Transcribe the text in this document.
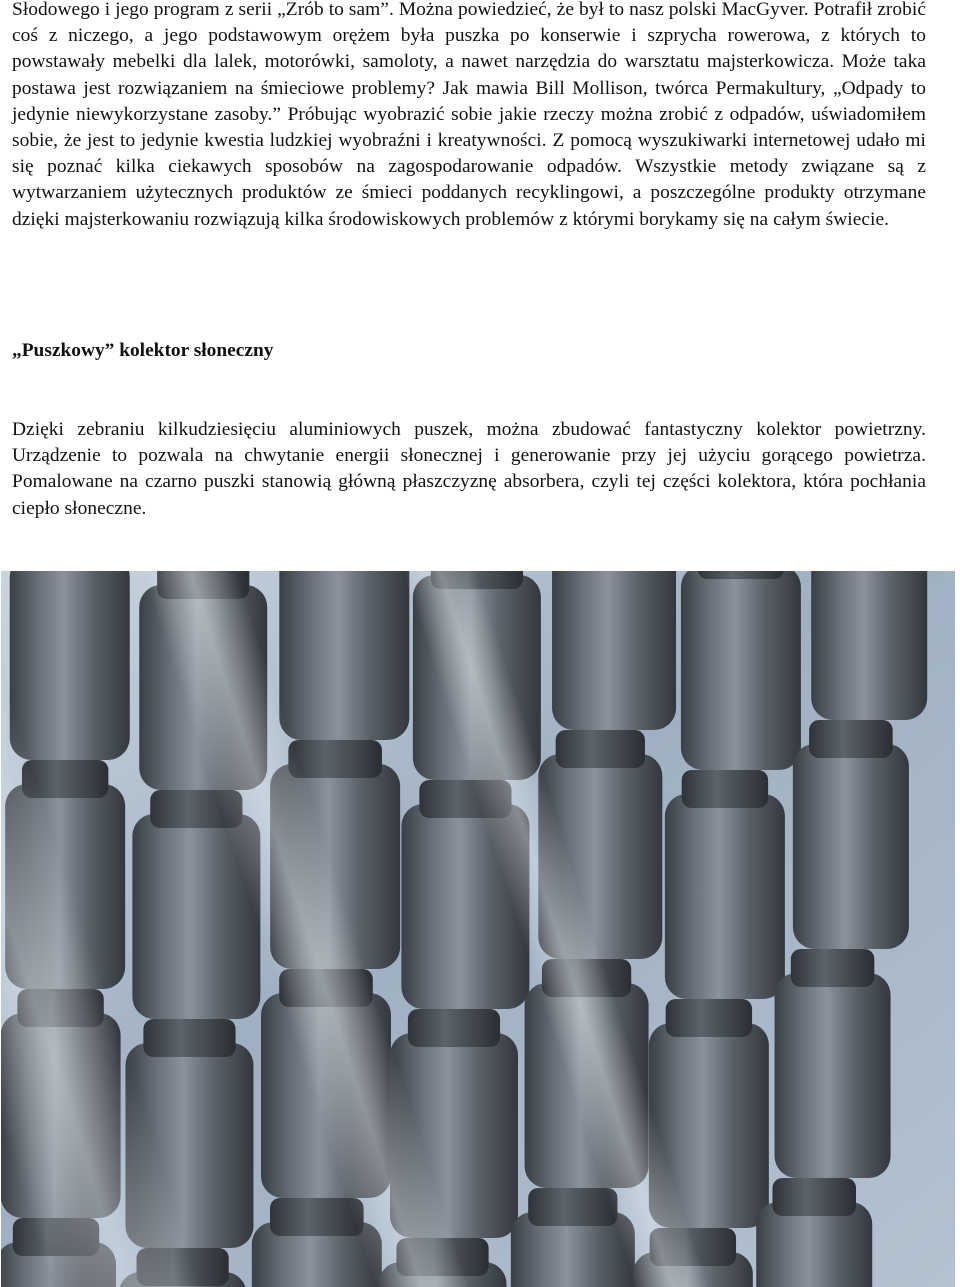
Słodowego i jego program z serii „Zrób to sam”. Można powiedzieć, że był to nasz polski MacGyver. Potrafił zrobić coś z niczego, a jego podstawowym orężem była puszka po konserwie i szprycha rowerowa, z których to powstawały mebelki dla lalek, motorówki, samoloty, a nawet narzędzia do warsztatu majsterkowicza. Może taka postawa jest rozwiązaniem na śmieciowe problemy? Jak mawia Bill Mollison, twórca Permakultury, „Odpady to jedynie niewykorzystane zasoby.” Próbując wyobrazić sobie jakie rzeczy można zrobić z odpadów, uświadomiłem sobie, że jest to jedynie kwestia ludzkiej wyobraźni i kreatywności. Z pomocą wyszukiwarki internetowej udało mi się poznać kilka ciekawych sposobów na zagospodarowanie odpadów. Wszystkie metody związane są z wytwarzaniem użytecznych produktów ze śmieci poddanych recyklingowi, a poszczególne produkty otrzymane dzięki majsterkowaniu rozwiązują kilka środowiskowych problemów z którymi borykamy się na całym świecie.

„Puszkowy” kolektor słoneczny

Dzięki zebraniu kilkudziesięciu aluminiowych puszek, można zbudować fantastyczny kolektor powietrzny. Urządzenie to pozwala na chwytanie energii słonecznej i generowanie przy jej użyciu gorącego powietrza. Pomalowane na czarno puszki stanowią główną płaszczyznę absorbera, czyli tej części kolektora, która pochłania ciepło słoneczne.
